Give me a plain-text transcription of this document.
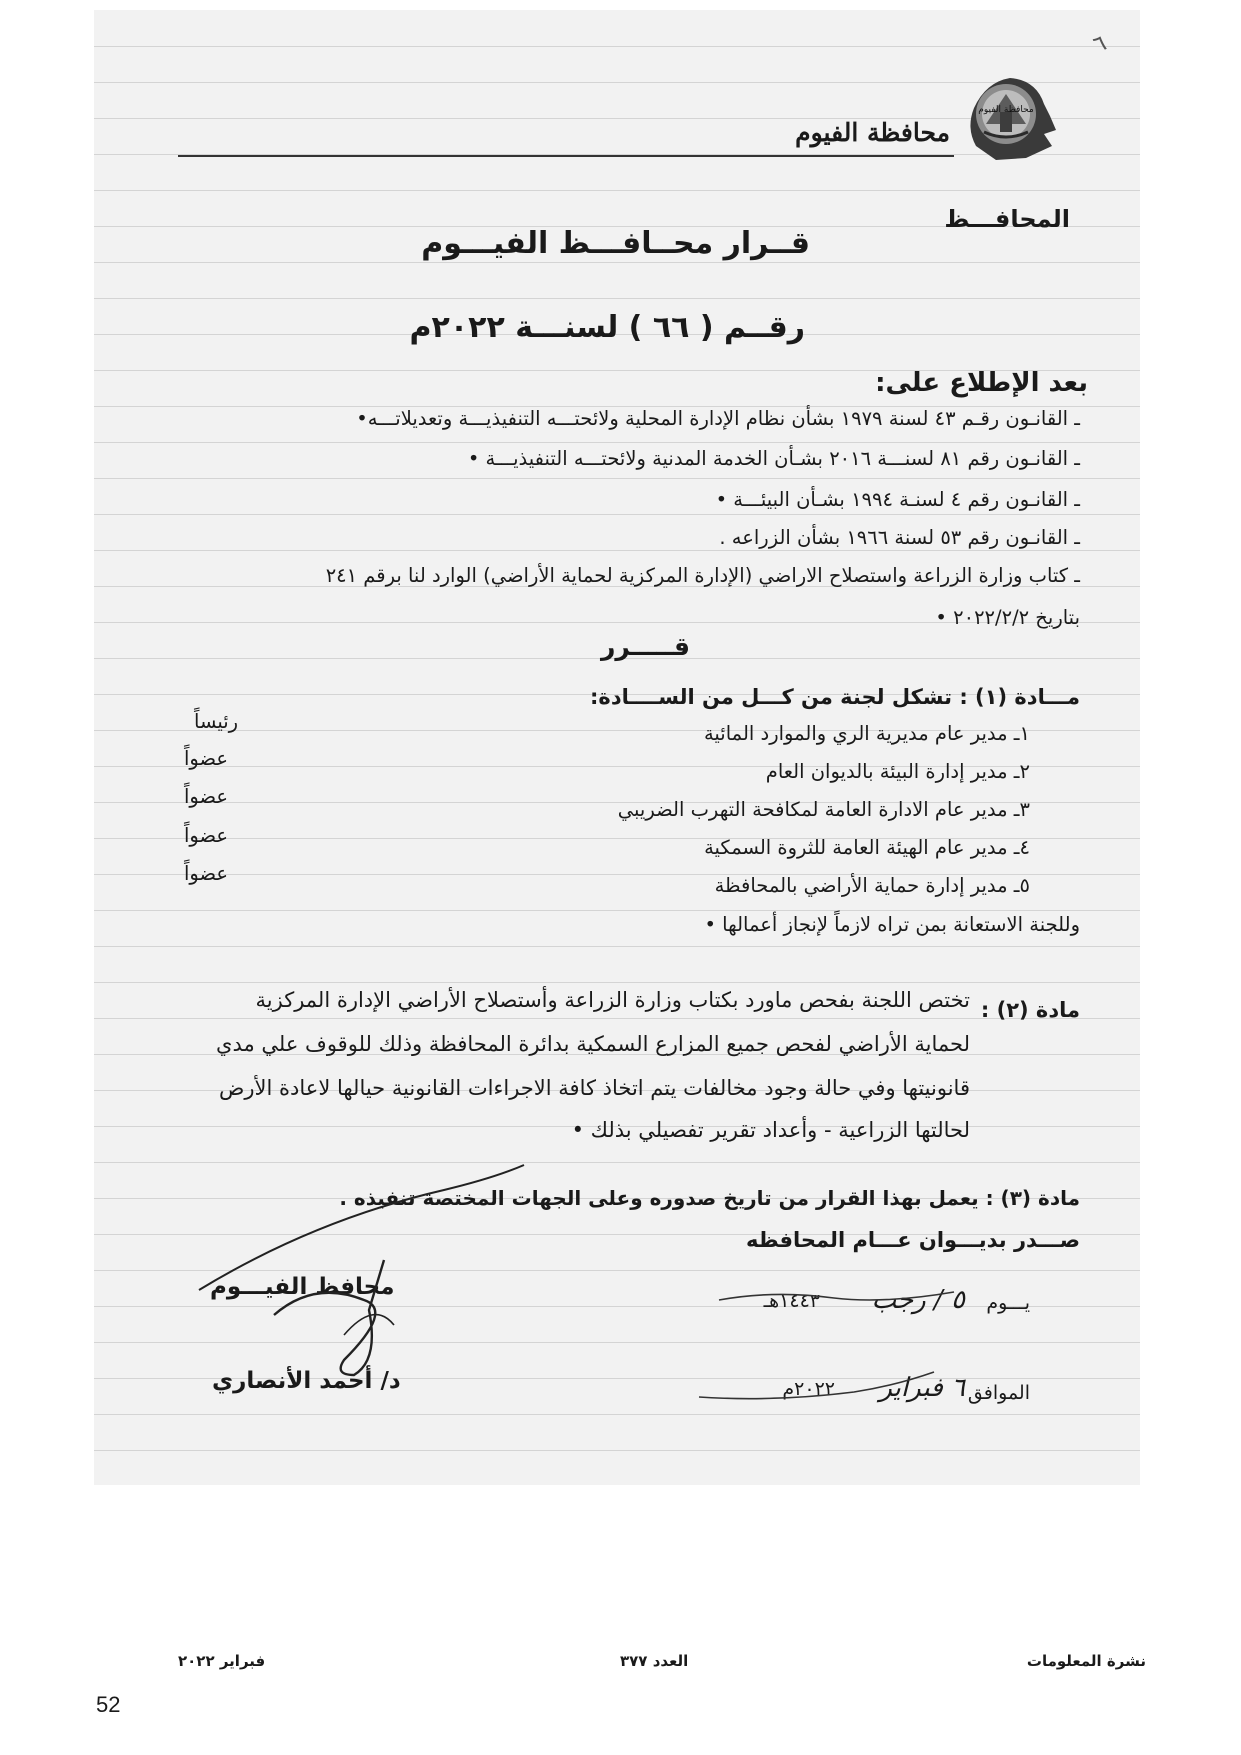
٦
محافظة الفيوم
محافظة الفيوم
المحافـــظ
قــرار محــافـــظ الفيـــوم
رقــم ( ٦٦ ) لسنـــة ٢٠٢٢م
بعد الإطلاع على:
ـ القانـون رقـم ٤٣ لسنة ١٩٧٩ بشأن نظام الإدارة المحلية ولائحتـــه التنفيذيـــة وتعديلاتـــه•
ـ القانـون رقم ٨١ لسنـــة ٢٠١٦ بشـأن الخدمة المدنية ولائحتـــه التنفيذيـــة •
ـ القانـون رقم ٤ لسنـة ١٩٩٤ بشـأن البيئـــة •
ـ القانـون رقم ٥٣ لسنة ١٩٦٦ بشأن الزراعه .
ـ كتاب وزارة الزراعة واستصلاح الاراضي (الإدارة المركزية لحماية الأراضي) الوارد لنا برقم ٢٤١
بتاريخ ٢٠٢٢/٢/٢ •
قـــــرر
مـــادة (١) : تشكل لجنة من كـــل من الســــادة:
١ـ مدير عام مديرية الري والموارد المائية
رئيساً
٢ـ مدير إدارة البيئة بالديوان العام
عضواً
٣ـ مدير عام الادارة العامة لمكافحة التهرب الضريبي
عضواً
٤ـ مدير عام الهيئة العامة للثروة السمكية
عضواً
٥ـ مدير إدارة حماية الأراضي بالمحافظة
عضواً
وللجنة الاستعانة بمن تراه لازماً لإنجاز أعمالها •
مادة (٢) :
تختص اللجنة بفحص ماورد بكتاب وزارة الزراعة وأستصلاح الأراضي الإدارة المركزية
لحماية الأراضي لفحص جميع المزارع السمكية بدائرة المحافظة وذلك للوقوف علي مدي
قانونيتها وفي حالة وجود مخالفات يتم اتخاذ كافة الاجراءات القانونية حيالها لاعادة الأرض
لحالتها الزراعية - وأعداد تقرير تفصيلي بذلك •
مادة (٣) : يعمل بهذا القرار من تاريخ صدوره وعلى الجهات المختصة تنفيذه .
صـــدر بديـــوان عـــام المحافظه
يـــوم
٥ / رجب
١٤٤٣هـ
الموافق
٦ فبراير
٢٠٢٢م
محافظ الفيـــوم
د/ أحمد الأنصاري
نشرة المعلومات
العدد ٣٧٧
فبراير ٢٠٢٢
52
